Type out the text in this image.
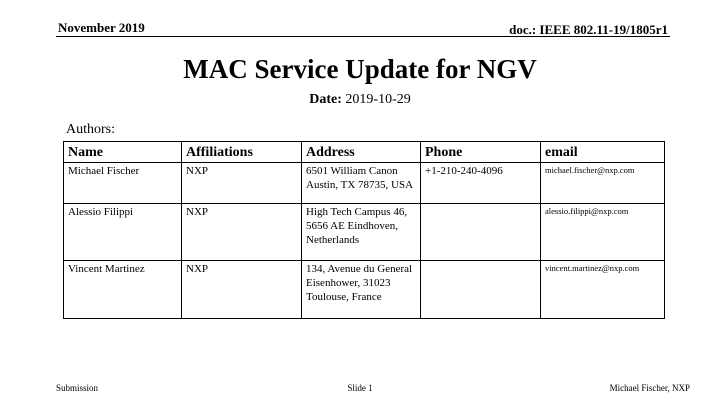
November 2019	doc.: IEEE 802.11-19/1805r1
MAC Service Update for NGV
Date: 2019-10-29
Authors:
Name	Affiliations	Address	Phone	email
Michael Fischer	NXP	6501 William Canon Austin, TX 78735, USA	+1-210-240-4096	michael.fischer@nxp.com
Alessio Filippi	NXP	High Tech Campus 46, 5656 AE Eindhoven, Netherlands		alessio.filippi@nxp.com
Vincent Martinez	NXP	134, Avenue du General Eisenhower, 31023 Toulouse, France		vincent.martinez@nxp.com
Submission	Slide 1	Michael Fischer, NXP
